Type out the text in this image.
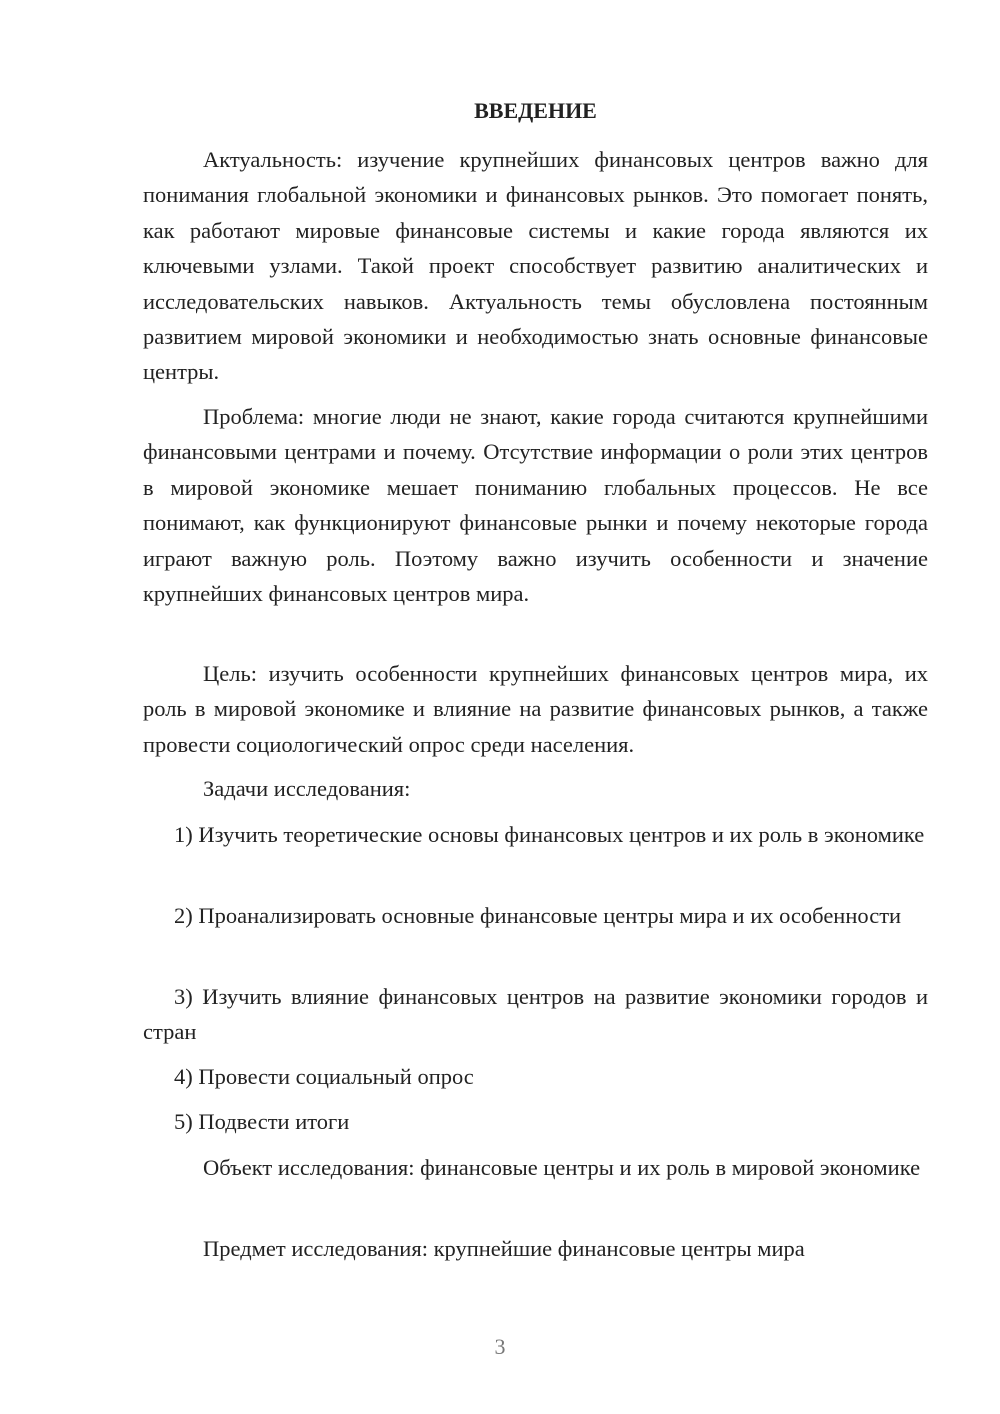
ВВЕДЕНИЕ

Актуальность: изучение крупнейших финансовых центров важно для понимания глобальной экономики и финансовых рынков. Это помогает понять, как работают мировые финансовые системы и какие города являются их ключевыми узлами. Такой проект способствует развитию аналитических и исследовательских навыков. Актуальность темы обусловлена постоянным развитием мировой экономики и необходимостью знать основные финансовые центры.

Проблема: многие люди не знают, какие города считаются крупнейшими финансовыми центрами и почему. Отсутствие информации о роли этих центров в мировой экономике мешает пониманию глобальных процессов. Не все понимают, как функционируют финансовые рынки и почему некоторые города играют важную роль. Поэтому важно изучить особенности и значение крупнейших финансовых центров мира.

Цель: изучить особенности крупнейших финансовых центров мира, их роль в мировой экономике и влияние на развитие финансовых рынков, а также провести социологический опрос среди населения.

Задачи исследования:

1) Изучить теоретические основы финансовых центров и их роль в экономике

2) Проанализировать основные финансовые центры мира и их особенности

3) Изучить влияние финансовых центров на развитие экономики городов и стран

4) Провести социальный опрос

5) Подвести итоги

Объект исследования: финансовые центры и их роль в мировой экономике

Предмет исследования: крупнейшие финансовые центры мира

3
